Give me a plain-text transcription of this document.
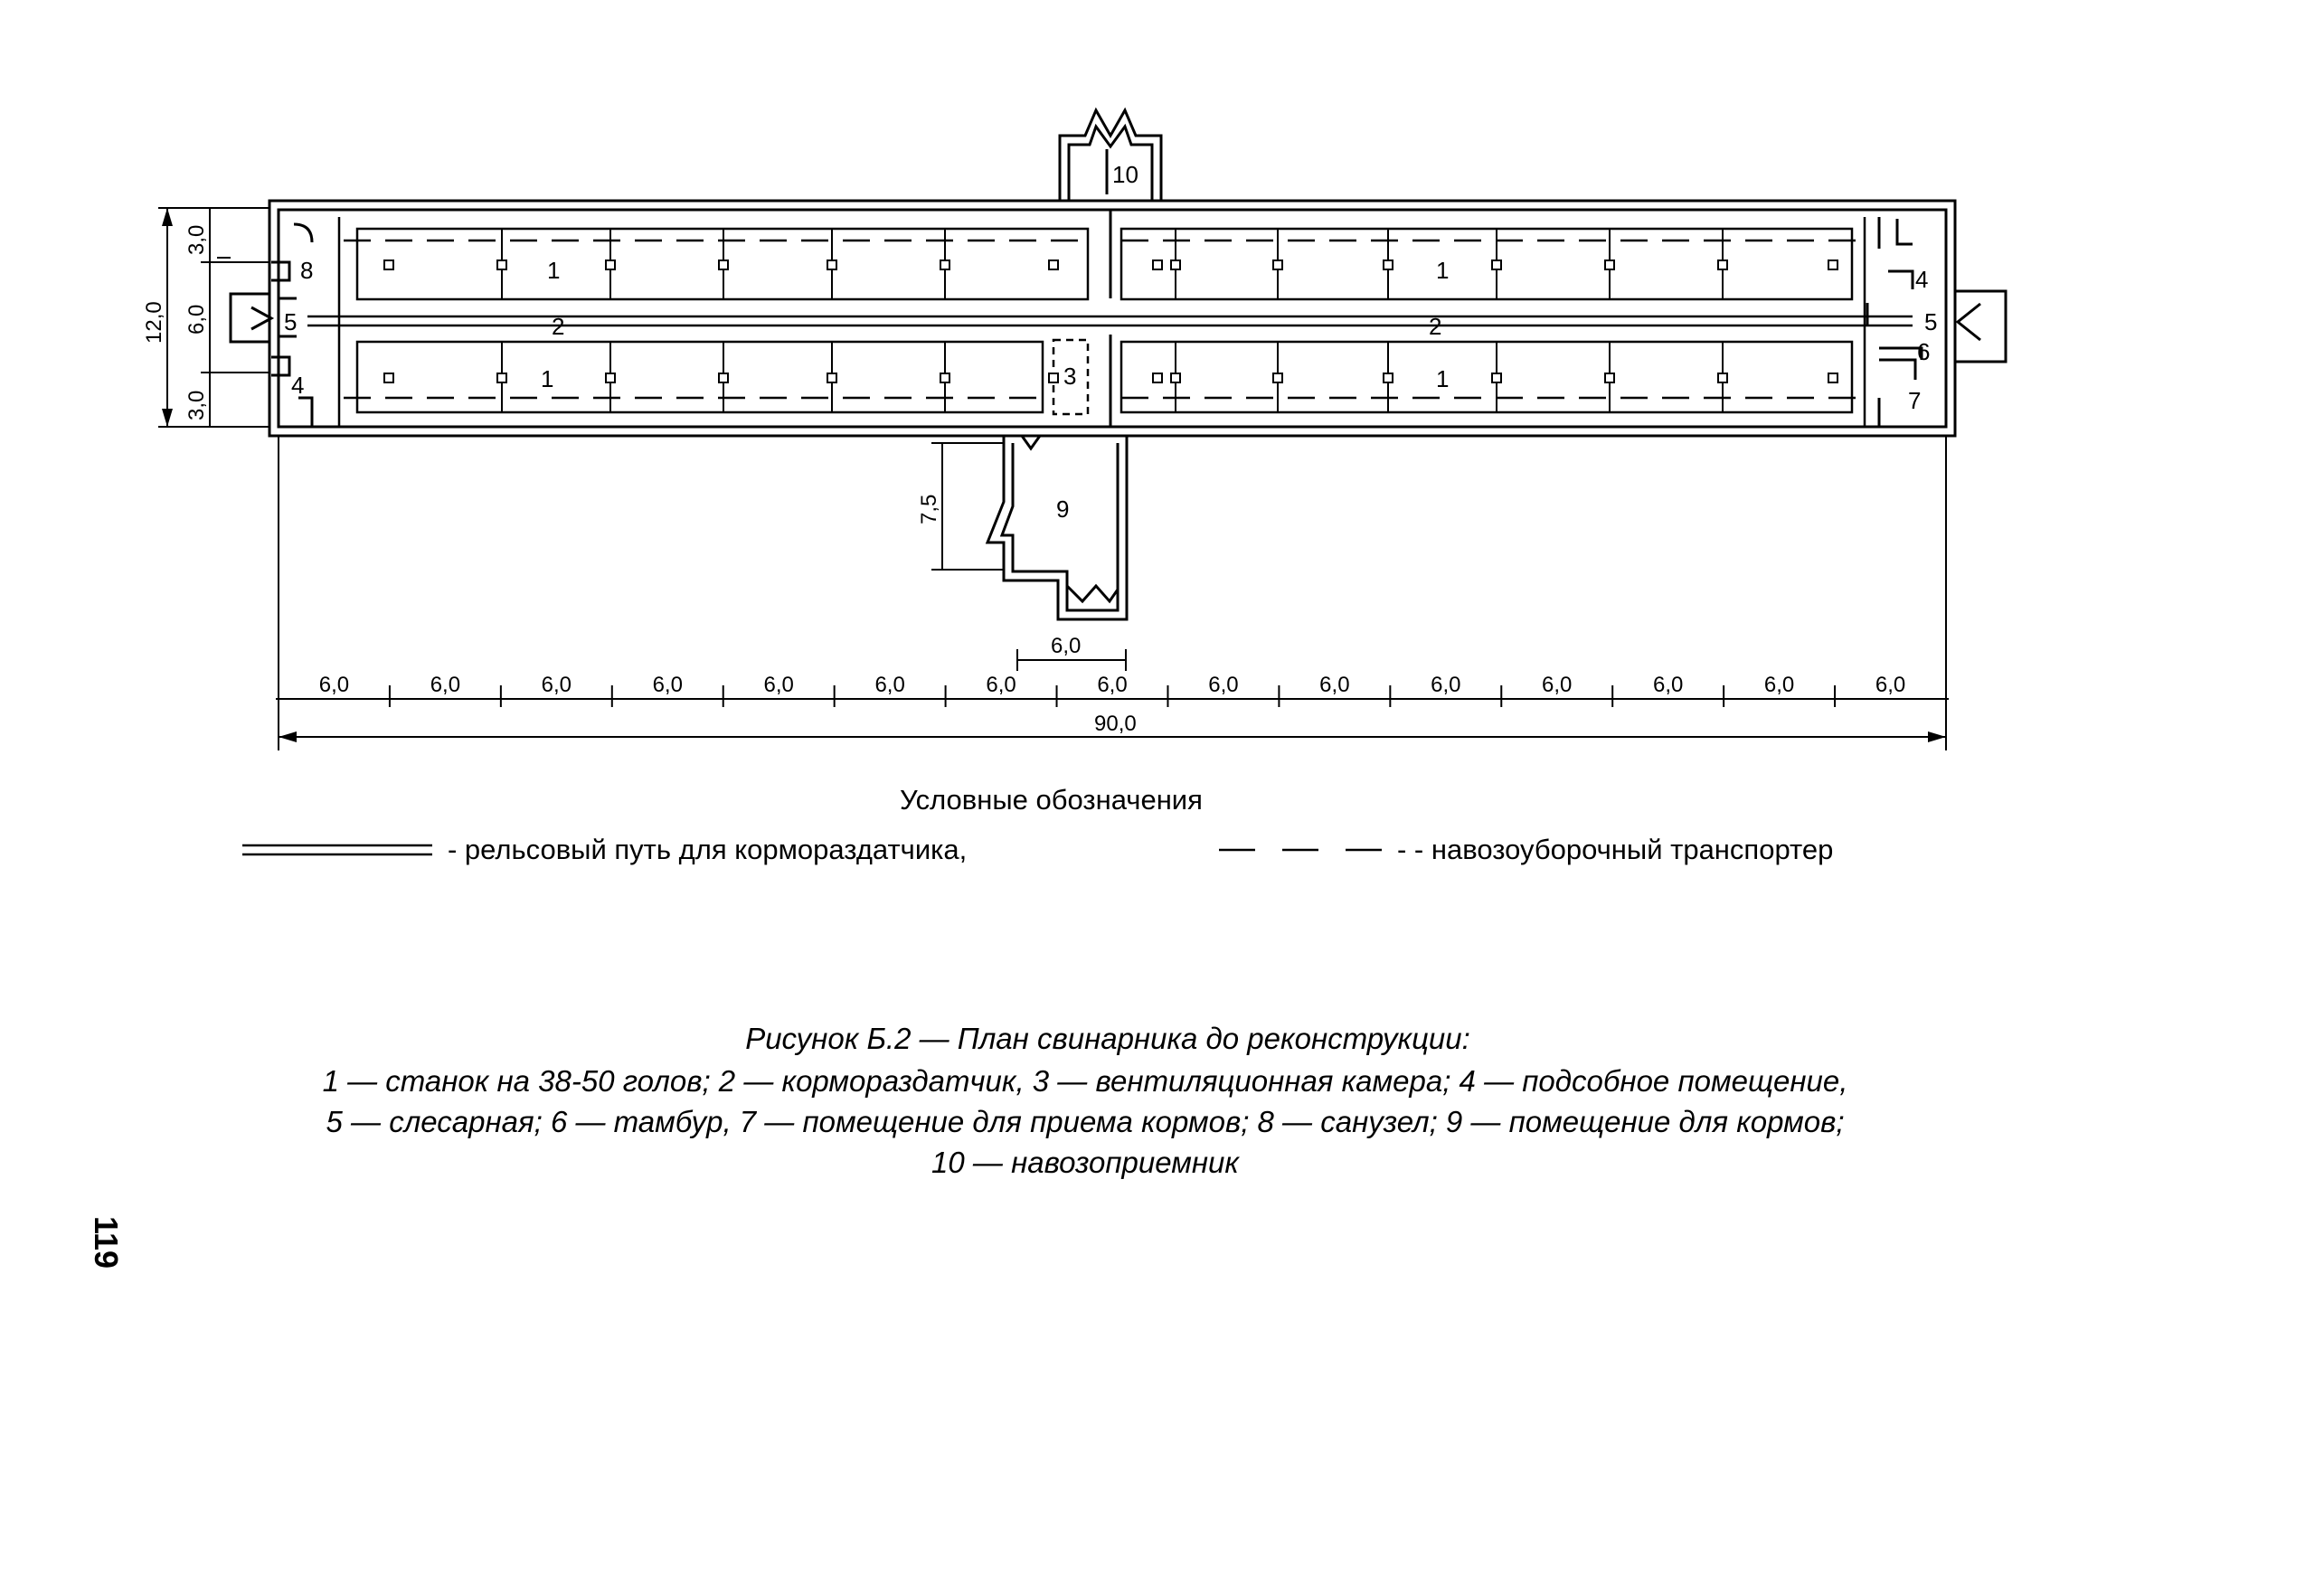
1	1
1	1
2	2
3
4
4
5	5
6
7
8
9
10
12,0
3,0
6,0
3,0
7,5
6,0
6,0	6,0	6,0	6,0	6,0	6,0	6,0	6,0	6,0	6,0	6,0	6,0	6,0	6,0	6,0
90,0
Условные обозначения
- рельсовый путь для кормораздатчика,	- - навозоуборочный транспортер
Рисунок Б.2 — План свинарника до реконструкции:
1 — станок на 38-50 голов; 2 — кормораздатчик, 3 — вентиляционная камера; 4 — подсобное помещение,
5 — слесарная; 6 — тамбур, 7 — помещение для приема кормов; 8 — санузел; 9 — помещение для кормов;
10 — навозоприемник
119
